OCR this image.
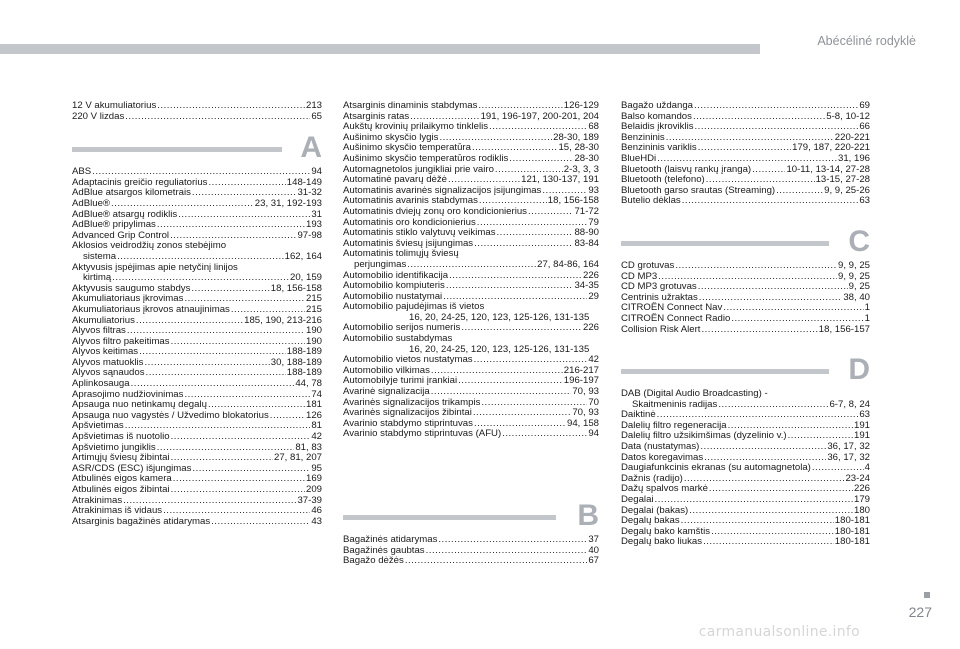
Abécéliné rodyklė
12 V akumuliatorius .....	213
220 V lizdas .....	65
A
ABS .....	94
Adaptacinis greičio reguliatorius .....	148-149
AdBlue atsargos kilometrais .....	31-32
AdBlue® .....	23, 31, 192-193
AdBlue® atsargų rodiklis .....	31
AdBlue® pripylimas .....	193
Advanced Grip Control .....	97-98
Aklosios veidrodžių zonos stebėjimo
sistema .....	162, 164
Aktyvusis įspėjimas apie netyčinį linijos
kirtimą .....	20, 159
Aktyvusis saugumo stabdys .....	18, 156-158
Akumuliatoriaus įkrovimas .....	215
Akumuliatoriaus įkrovos atnaujinimas .....	215
Akumuliatorius .....	185, 190, 213-216
Alyvos filtras .....	190
Alyvos filtro pakeitimas .....	190
Alyvos keitimas .....	188-189
Alyvos matuoklis .....	30, 188-189
Alyvos sąnaudos .....	188-189
Aplinkosauga .....	44, 78
Aprasojimo nudžiovinimas .....	74
Apsauga nuo netinkamų degalų .....	181
Apsauga nuo vagystės / Užvedimo blokatorius .....	126
Apšvietimas .....	81
Apšvietimas iš nuotolio .....	42
Apšvietimo jungiklis .....	81, 83
Artimųjų šviesų žibintai .....	27, 81, 207
ASR/CDS (ESC) išjungimas .....	95
Atbulinės eigos kamera .....	169
Atbulinės eigos žibintai .....	209
Atrakinimas .....	37-39
Atrakinimas iš vidaus .....	46
Atsarginis bagažinės atidarymas .....	43
Atsarginis dinaminis stabdymas .....	126-129
Atsarginis ratas .....	191, 196-197, 200-201, 204
Aukštų krovinių prilaikymo tinklelis .....	68
Aušinimo skysčio lygis .....	28-30, 189
Aušinimo skysčio temperatūra .....	15, 28-30
Aušinimo skysčio temperatūros rodiklis .....	28-30
Automagnetolos jungikliai prie vairo .....	2-3, 3, 3
Automatinė pavarų dėžė .....	121, 130-137, 191
Automatinis avarinės signalizacijos įsijungimas .....	93
Automatinis avarinis stabdymas .....	18, 156-158
Automatinis dviejų zonų oro kondicionierius .....	71-72
Automatinis oro kondicionierius .....	79
Automatinis stiklo valytuvų veikimas .....	88-90
Automatinis šviesų įsijungimas .....	83-84
Automatinis tolimųjų šviesų
perjungimas .....	27, 84-86, 164
Automobilio identifikacija .....	226
Automobilio kompiuteris .....	34-35
Automobilio nustatymai .....	29
Automobilio pajudėjimas iš vietos
16, 20, 24-25, 120, 123, 125-126, 131-135
Automobilio serijos numeris .....	226
Automobilio sustabdymas
16, 20, 24-25, 120, 123, 125-126, 131-135
Automobilio vietos nustatymas .....	42
Automobilio vilkimas .....	216-217
Automobilyje turimi įrankiai .....	196-197
Avarinė signalizacija .....	70, 93
Avarinės signalizacijos trikampis .....	70
Avarinės signalizacijos žibintai .....	70, 93
Avarinio stabdymo stiprintuvas .....	94, 158
Avarinio stabdymo stiprintuvas (AFU) .....	94
B
Bagažinės atidarymas .....	37
Bagažinės gaubtas .....	40
Bagažo dėžės .....	67
Bagažo uždanga .....	69
Balso komandos .....	5-8, 10-12
Belaidis įkroviklis .....	66
Benzininis .....	220-221
Benzininis variklis .....	179, 187, 220-221
BlueHDi .....	31, 196
Bluetooth (laisvų rankų įranga) .....	10-11, 13-14, 27-28
Bluetooth (telefono) .....	13-15, 27-28
Bluetooth garso srautas (Streaming) .....	9, 9, 25-26
Butelio dėklas .....	63
C
CD grotuvas .....	9, 9, 25
CD MP3 .....	9, 9, 25
CD MP3 grotuvas .....	9, 25
Centrinis užraktas .....	38, 40
CITROËN Connect Nav .....	1
CITROËN Connect Radio .....	1
Collision Risk Alert .....	18, 156-157
D
DAB (Digital Audio Broadcasting) -
Skaitmeninis radijas .....	6-7, 8, 24
Daiktinė .....	63
Dalelių filtro regeneracija .....	191
Dalelių filtro užsikimšimas (dyzelinio v.) .....	191
Data (nustatymas) .....	36, 17, 32
Datos koregavimas .....	36, 17, 32
Daugiafunkcinis ekranas (su automagnetola) .....	4
Dažnis (radijo) .....	23-24
Dažų spalvos markė .....	226
Degalai .....	179
Degalai (bakas) .....	180
Degalų bakas .....	180-181
Degalų bako kamštis .....	180-181
Degalų bako liukas .....	180-181
227
carmanualsonline.info
